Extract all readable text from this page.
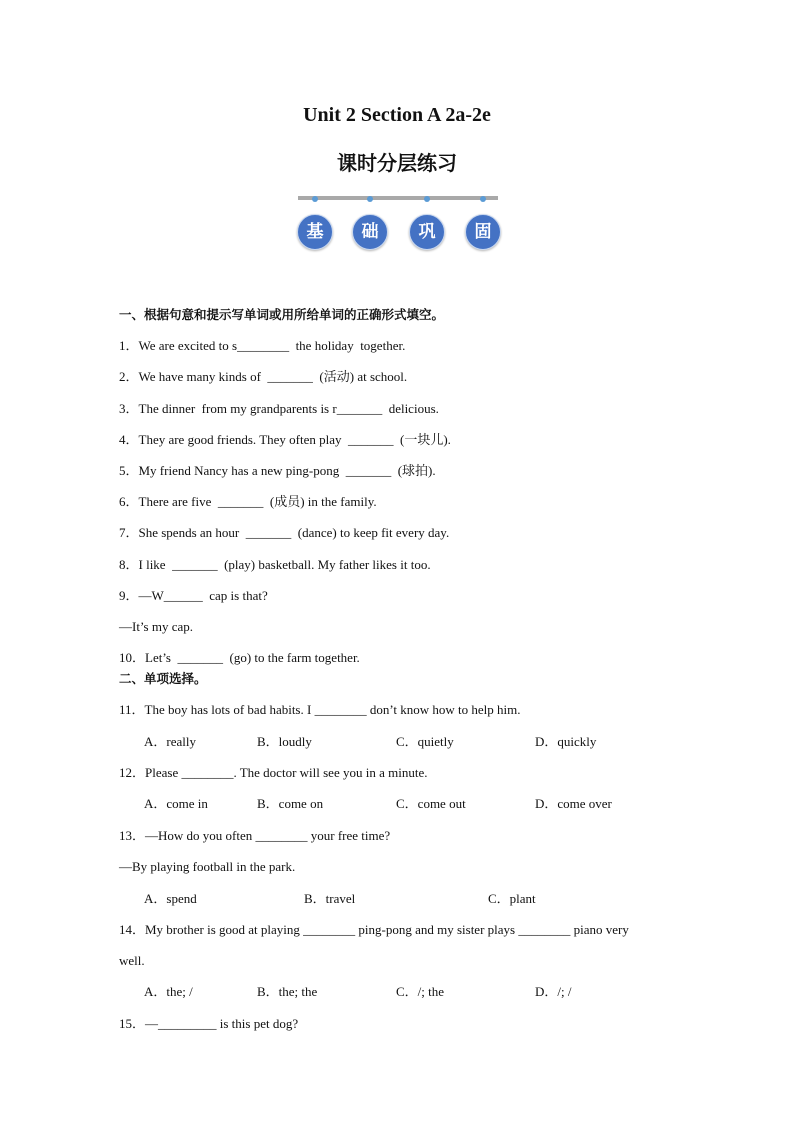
Unit 2 Section A 2a-2e
课时分层练习
基	础	巩	固
一、根据句意和提示写单词或用所给单词的正确形式填空。
1．We are excited to s________  the holiday  together.
2．We have many kinds of  _______  (活动) at school.
3．The dinner  from my grandparents is r_______  delicious.
4．They are good friends. They often play  _______  (一块儿).
5．My friend Nancy has a new ping-pong  _______  (球拍).
6．There are five  _______  (成员) in the family.
7．She spends an hour  _______  (dance) to keep fit every day.
8．I like  _______  (play) basketball. My father likes it too.
9．—W______  cap is that?
—It’s my cap.
10．Let’s  _______  (go) to the farm together.
二、单项选择。
11．The boy has lots of bad habits. I ________ don’t know how to help him.
A．really	B．loudly	C．quietly	D．quickly
12．Please ________. The doctor will see you in a minute.
A．come in	B．come on	C．come out	D．come over
13．—How do you often ________ your free time?
—By playing football in the park.
A．spend	B．travel	C．plant
14．My brother is good at playing ________ ping-pong and my sister plays ________ piano very
well.
A．the; /	B．the; the	C．/; the	D．/; /
15．—_________ is this pet dog?
